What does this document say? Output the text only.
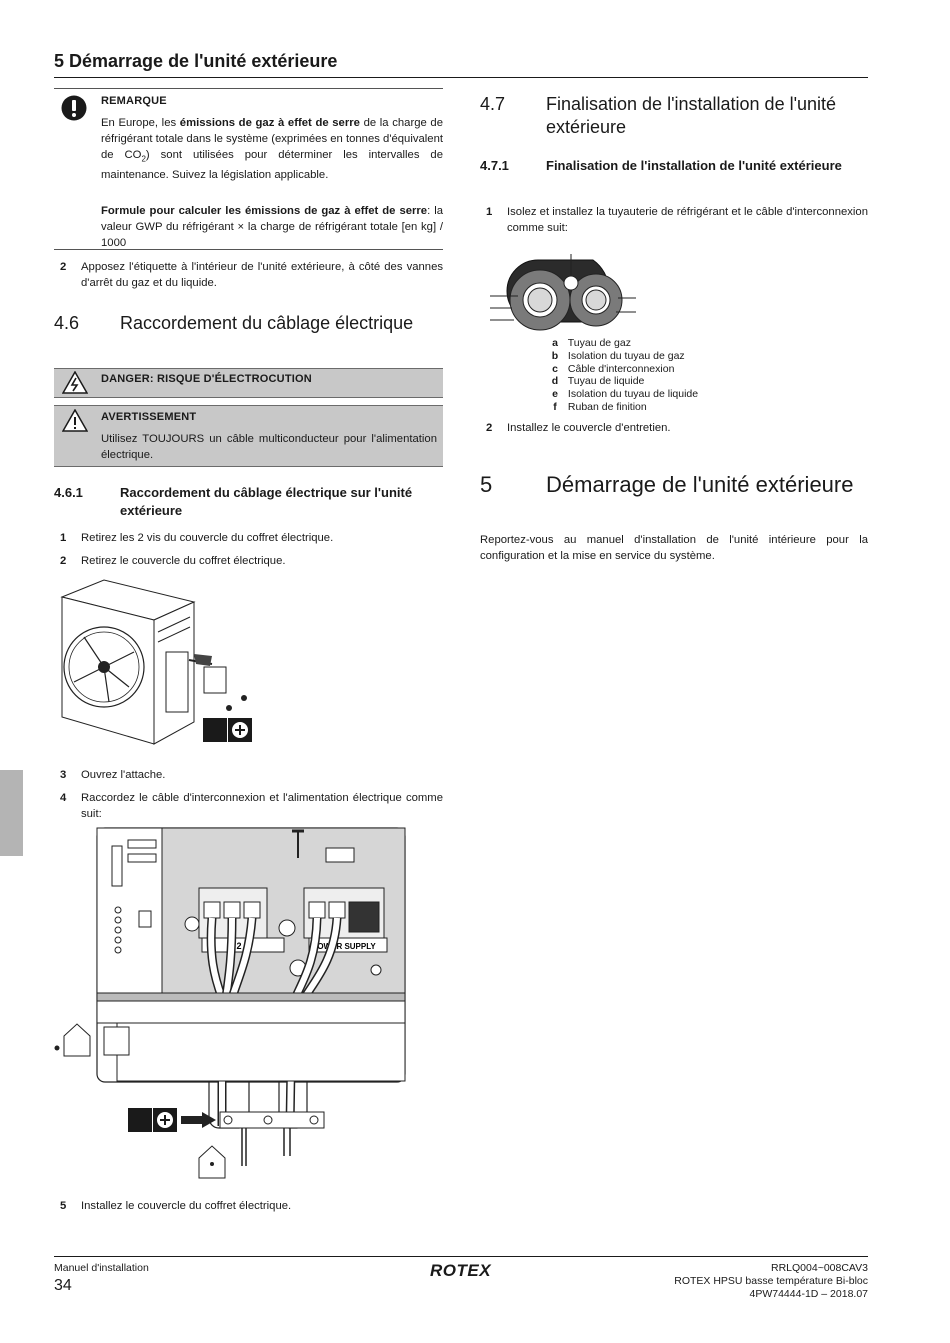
5 Démarrage de l'unité extérieure
REMARQUE
En Europe, les émissions de gaz à effet de serre de la charge de réfrigérant totale dans le système (exprimées en tonnes d'équivalent de $CO_2$) sont utilisées pour déterminer les intervalles de maintenance. Suivez la législation applicable.
Formule pour calculer les émissions de gaz à effet de serre: la valeur GWP du réfrigérant × la charge de réfrigérant totale [en kg] / 1000
2 Apposez l'étiquette à l'intérieur de l'unité extérieure, à côté des vannes d'arrêt du gaz et du liquide.
4.6 Raccordement du câblage électrique
DANGER: RISQUE D'ÉLECTROCUTION
AVERTISSEMENT
Utilisez TOUJOURS un câble multiconducteur pour l'alimentation électrique.
4.6.1	Raccordement du câblage électrique sur l'unité extérieure
1 Retirez les 2 vis du couvercle du coffret électrique.
2 Retirez le couvercle du coffret électrique.
3 Ouvrez l'attache.
4 Raccordez le câble d'interconnexion et l'alimentation électrique comme suit:
1 2 3	POWER SUPPLY
5 Installez le couvercle du coffret électrique.
4.7 Finalisation de l'installation de l'unité extérieure
4.7.1	Finalisation de l'installation de l'unité extérieure
1 Isolez et installez la tuyauterie de réfrigérant et le câble d'interconnexion comme suit:
a Tuyau de gaz
b Isolation du tuyau de gaz
c Câble d'interconnexion
d Tuyau de liquide
e Isolation du tuyau de liquide
f Ruban de finition
2 Installez le couvercle d'entretien.
5 Démarrage de l'unité extérieure
Reportez-vous au manuel d'installation de l'unité intérieure pour la configuration et la mise en service du système.
Manuel d'installation
34
ROTEX	RRLQ004~008CAV3
ROTEX HPSU basse température Bi-bloc
4PW74444-1D – 2018.07
